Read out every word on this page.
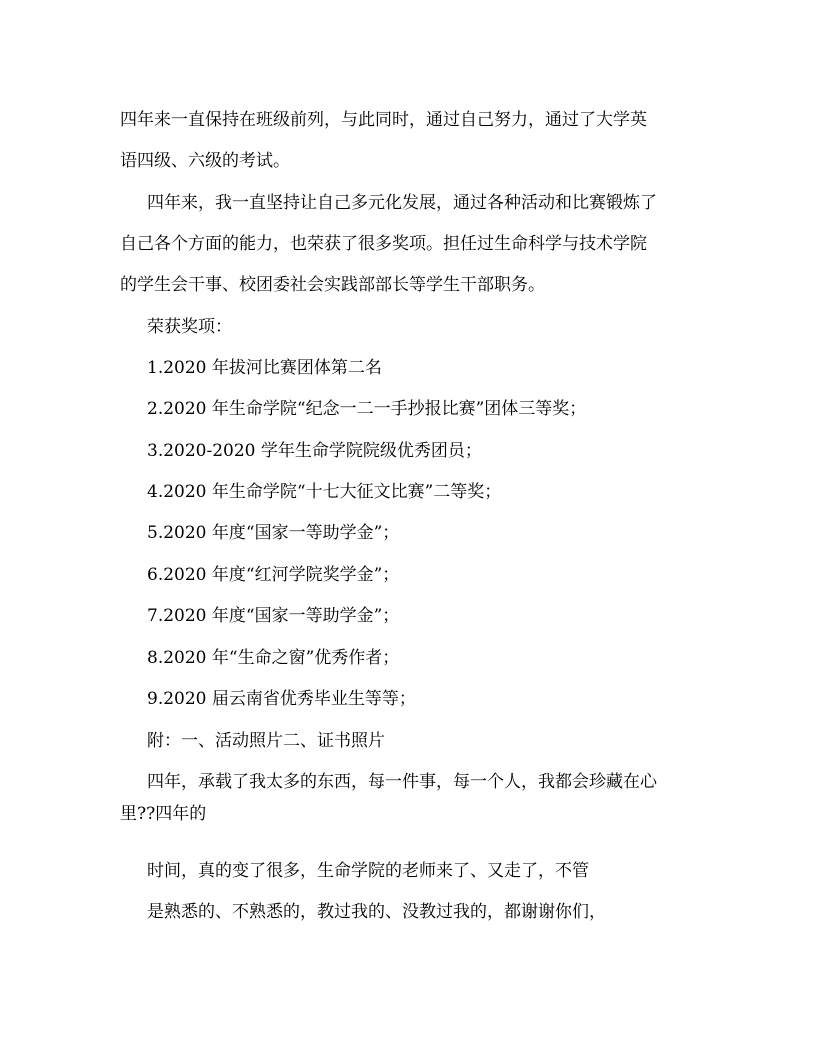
四年来一直保持在班级前列，与此同时，通过自己努力，通过了大学英
语四级、六级的考试。
四年来，我一直坚持让自己多元化发展，通过各种活动和比赛锻炼了
自己各个方面的能力，也荣获了很多奖项。担任过生命科学与技术学院
的学生会干事、校团委社会实践部部长等学生干部职务。
荣获奖项：
1.2020 年拔河比赛团体第二名
2.2020 年生命学院“纪念一二一手抄报比赛”团体三等奖；
3.2020-2020 学年生命学院院级优秀团员；
4.2020 年生命学院“十七大征文比赛”二等奖；
5.2020 年度“国家一等助学金”；
6.2020 年度“红河学院奖学金”；
7.2020 年度“国家一等助学金”；
8.2020 年“生命之窗”优秀作者；
9.2020 届云南省优秀毕业生等等；
附：一、活动照片二、证书照片
四年，承载了我太多的东西，每一件事，每一个人，我都会珍藏在心
里??四年的
时间，真的变了很多，生命学院的老师来了、又走了，不管
是熟悉的、不熟悉的，教过我的、没教过我的，都谢谢你们，
